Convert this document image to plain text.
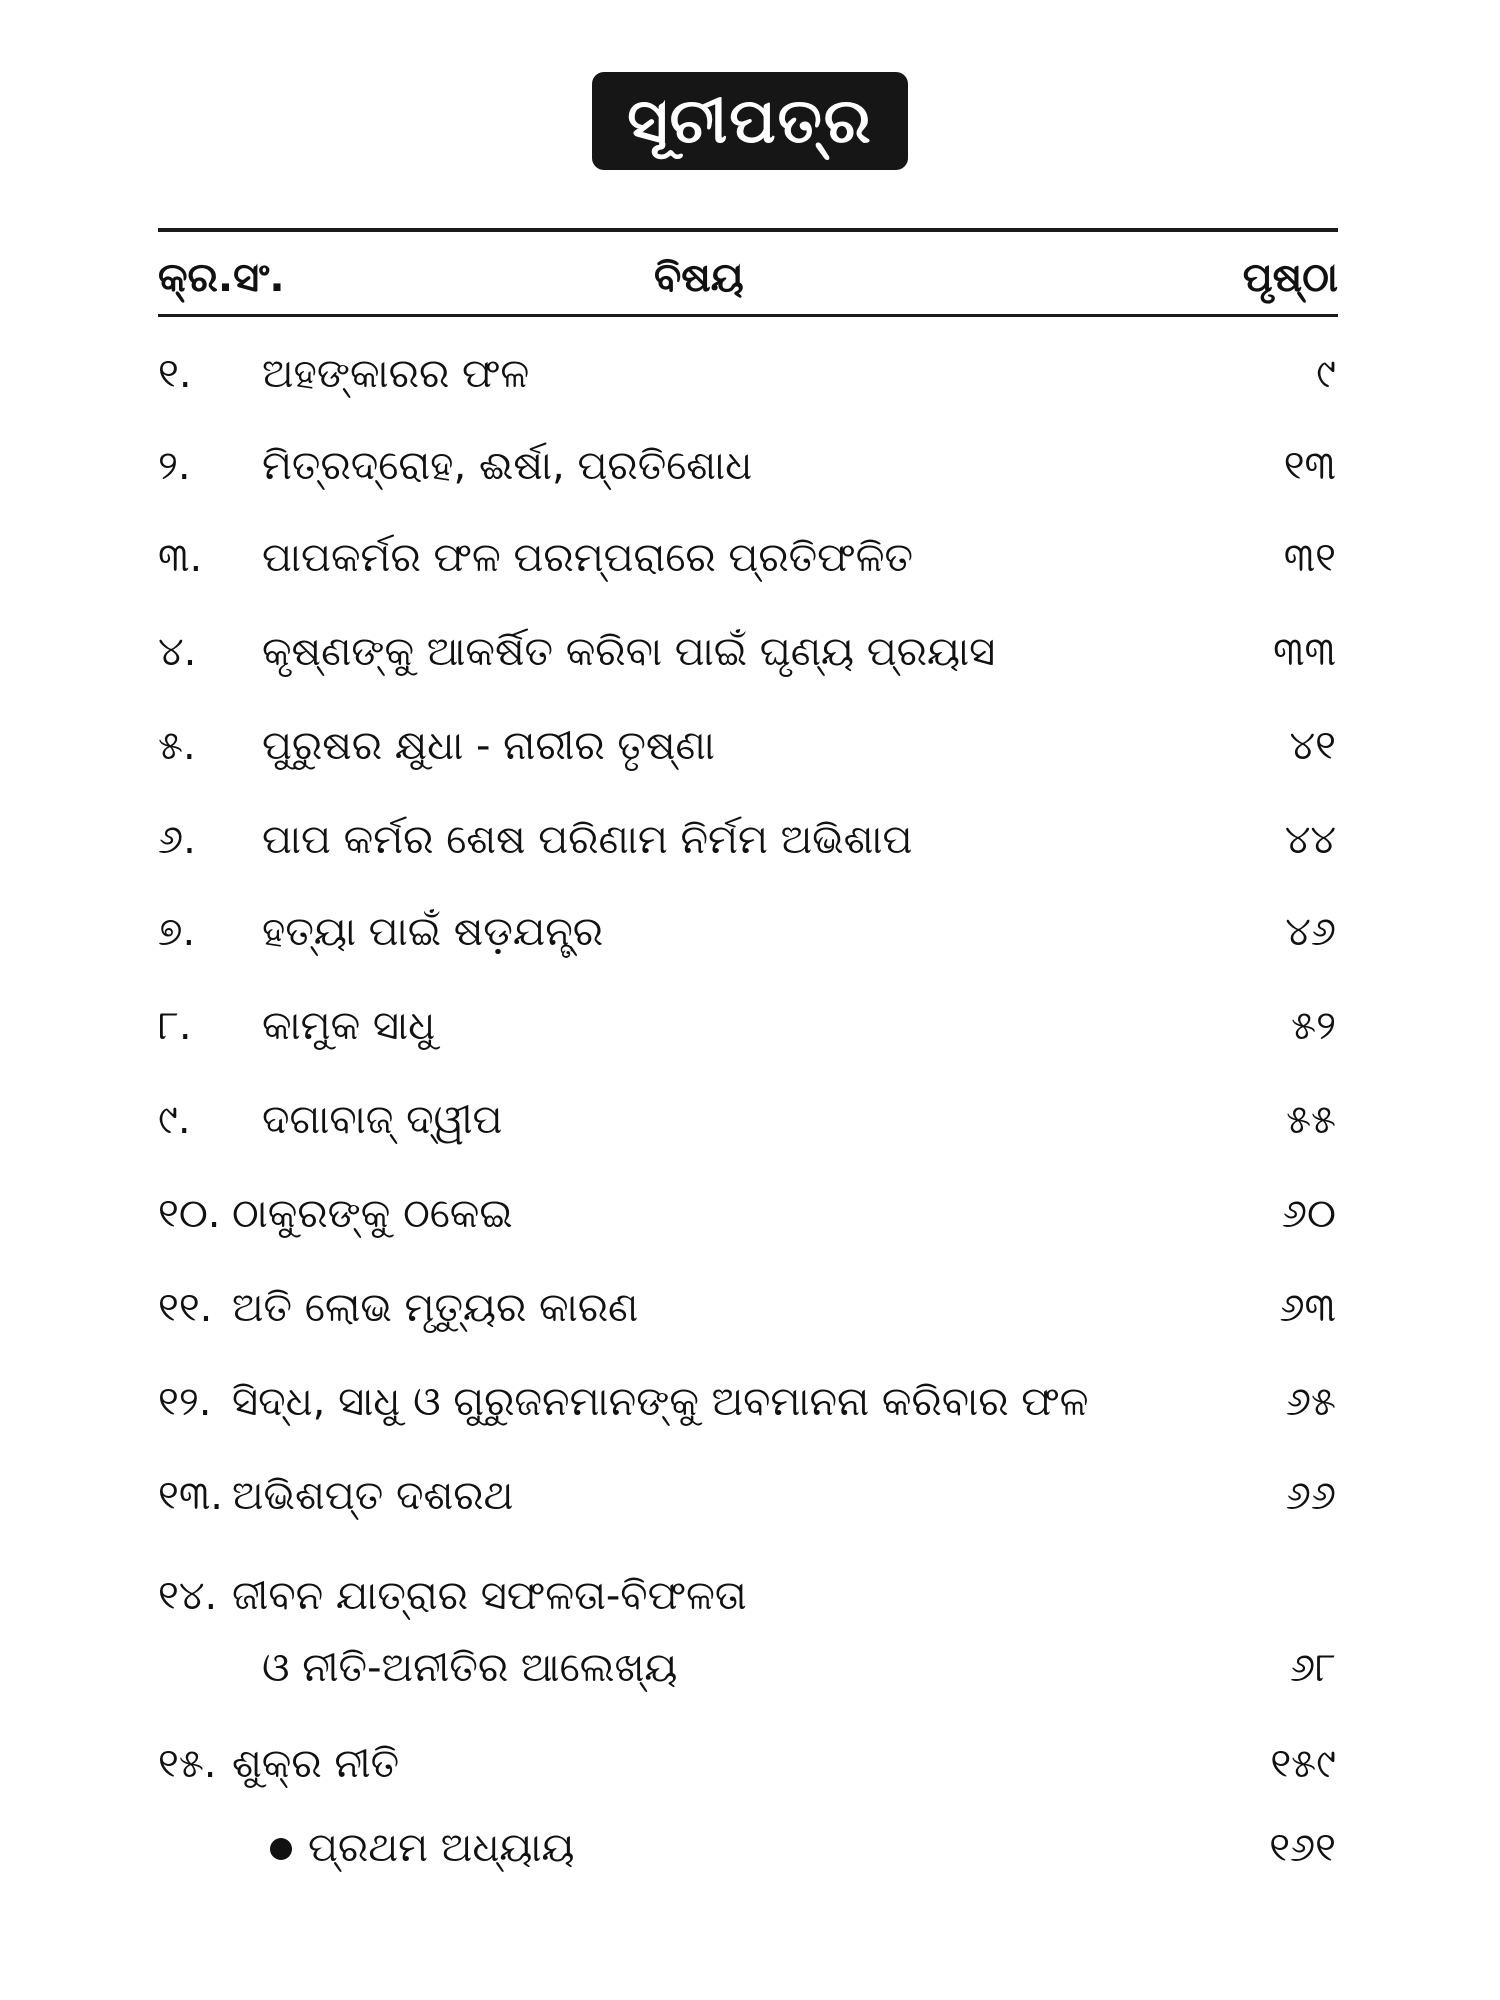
ସୂଚୀପତ୍ର
କ୍ର.ସଂ.	ବିଷୟ	ପୃଷ୍ଠା
୧. ଅହଙ୍କାରର ଫଳ	୯
୨. ମିତ୍ରଦ୍ରୋହ, ଈର୍ଷା, ପ୍ରତିଶୋଧ	୧୩
୩. ପାପକର୍ମର ଫଳ ପରମ୍ପରାରେ ପ୍ରତିଫଳିତ	୩୧
୪. କୃଷ୍ଣଙ୍କୁ ଆକର୍ଷିତ କରିବା ପାଇଁ ଘୃଣ୍ୟ ପ୍ରୟାସ	୩୩
୫. ପୁରୁଷର କ୍ଷୁଧା - ନାରୀର ତୃଷ୍ଣା	୪୧
୬. ପାପ କର୍ମର ଶେଷ ପରିଣାମ ନିର୍ମମ ଅଭିଶାପ	୪୪
୭. ହତ୍ୟା ପାଇଁ ଷଡ଼ଯନ୍ତ୍ର	୪୬
୮. କାମୁକ ସାଧୁ	୫୨
୯. ଦଗାବାଜ୍ ଦ୍ୱୀପ	୫୫
୧୦. ଠାକୁରଙ୍କୁ ଠକେଇ	୬୦
୧୧. ଅତି ଲୋଭ ମୃତ୍ୟୁର କାରଣ	୬୩
୧୨. ସିଦ୍ଧ, ସାଧୁ ଓ ଗୁରୁଜନମାନଙ୍କୁ ଅବମାନନା କରିବାର ଫଳ	୬୫
୧୩. ଅଭିଶପ୍ତ ଦଶରଥ	୬୬
୧୪. ଜୀବନ ଯାତ୍ରାର ସଫଳତା-ବିଫଳତା
ଓ ନୀତି-ଅନୀତିର ଆଲେଖ୍ୟ	୬୮
୧୫. ଶୁକ୍ର ନୀତି	୧୫୯
ପ୍ରଥମ ଅଧ୍ୟାୟ	୧୬୧
